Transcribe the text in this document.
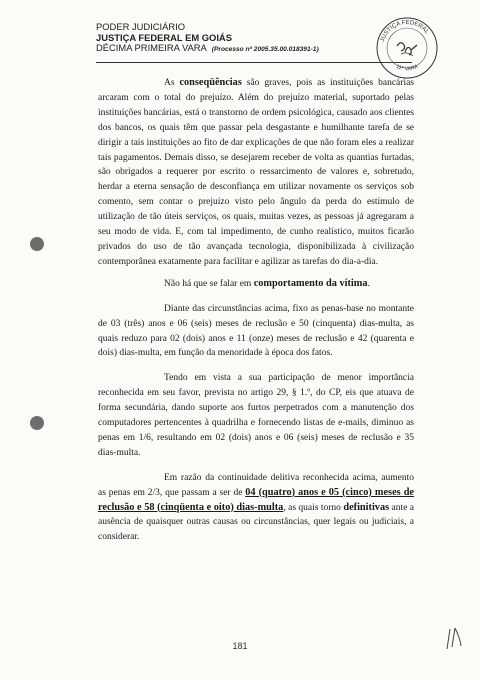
PODER JUDICIÁRIO
JUSTIÇA FEDERAL EM GOIÁS
DÉCIMA PRIMEIRA VARA (Processo nº 2005.35.00.018391-1)
JUSTIÇA FEDERAL
11ª VARA

As conseqüências são graves, pois as instituições bancárias arcaram com o total do prejuízo. Além do prejuízo material, suportado pelas instituições bancárias, está o transtorno de ordem psicológica, causado aos clientes dos bancos, os quais têm que passar pela desgastante e humilhante tarefa de se dirigir a tais instituições ao fito de dar explicações de que não foram eles a realizar tais pagamentos. Demais disso, se desejarem receber de volta as quantias furtadas, são obrigados a requerer por escrito o ressarcimento de valores e, sobretudo, herdar a eterna sensação de desconfiança em utilizar novamente os serviços sob comento, sem contar o prejuízo visto pelo ângulo da perda do estímulo de utilização de tão úteis serviços, os quais, muitas vezes, as pessoas já agregaram a seu modo de vida. E, com tal impedimento, de cunho realístico, muitos ficarão privados do uso de tão avançada tecnologia, disponibilizada à civilização contemporânea exatamente para facilitar e agilizar as tarefas do dia-a-dia.

Não há que se falar em comportamento da vítima.

Diante das circunstâncias acima, fixo as penas-base no montante de 03 (três) anos e 06 (seis) meses de reclusão e 50 (cinquenta) dias-multa, as quais reduzo para 02 (dois) anos e 11 (onze) meses de reclusão e 42 (quarenta e dois) dias-multa, em função da menoridade à época dos fatos.

Tendo em vista a sua participação de menor importância reconhecida em seu favor, prevista no artigo 29, § 1.º, do CP, eis que atuava de forma secundária, dando suporte aos furtos perpetrados com a manutenção dos computadores pertencentes à quadrilha e fornecendo listas de e-mails, diminuo as penas em 1/6, resultando em 02 (dois) anos e 06 (seis) meses de reclusão e 35 dias-multa.

Em razão da continuidade delitiva reconhecida acima, aumento as penas em 2/3, que passam a ser de 04 (quatro) anos e 05 (cinco) meses de reclusão e 58 (cinqüenta e oito) dias-multa, as quais torno definitivas ante a ausência de quaisquer outras causas ou circunstâncias, quer legais ou judiciais, a considerar.

181
